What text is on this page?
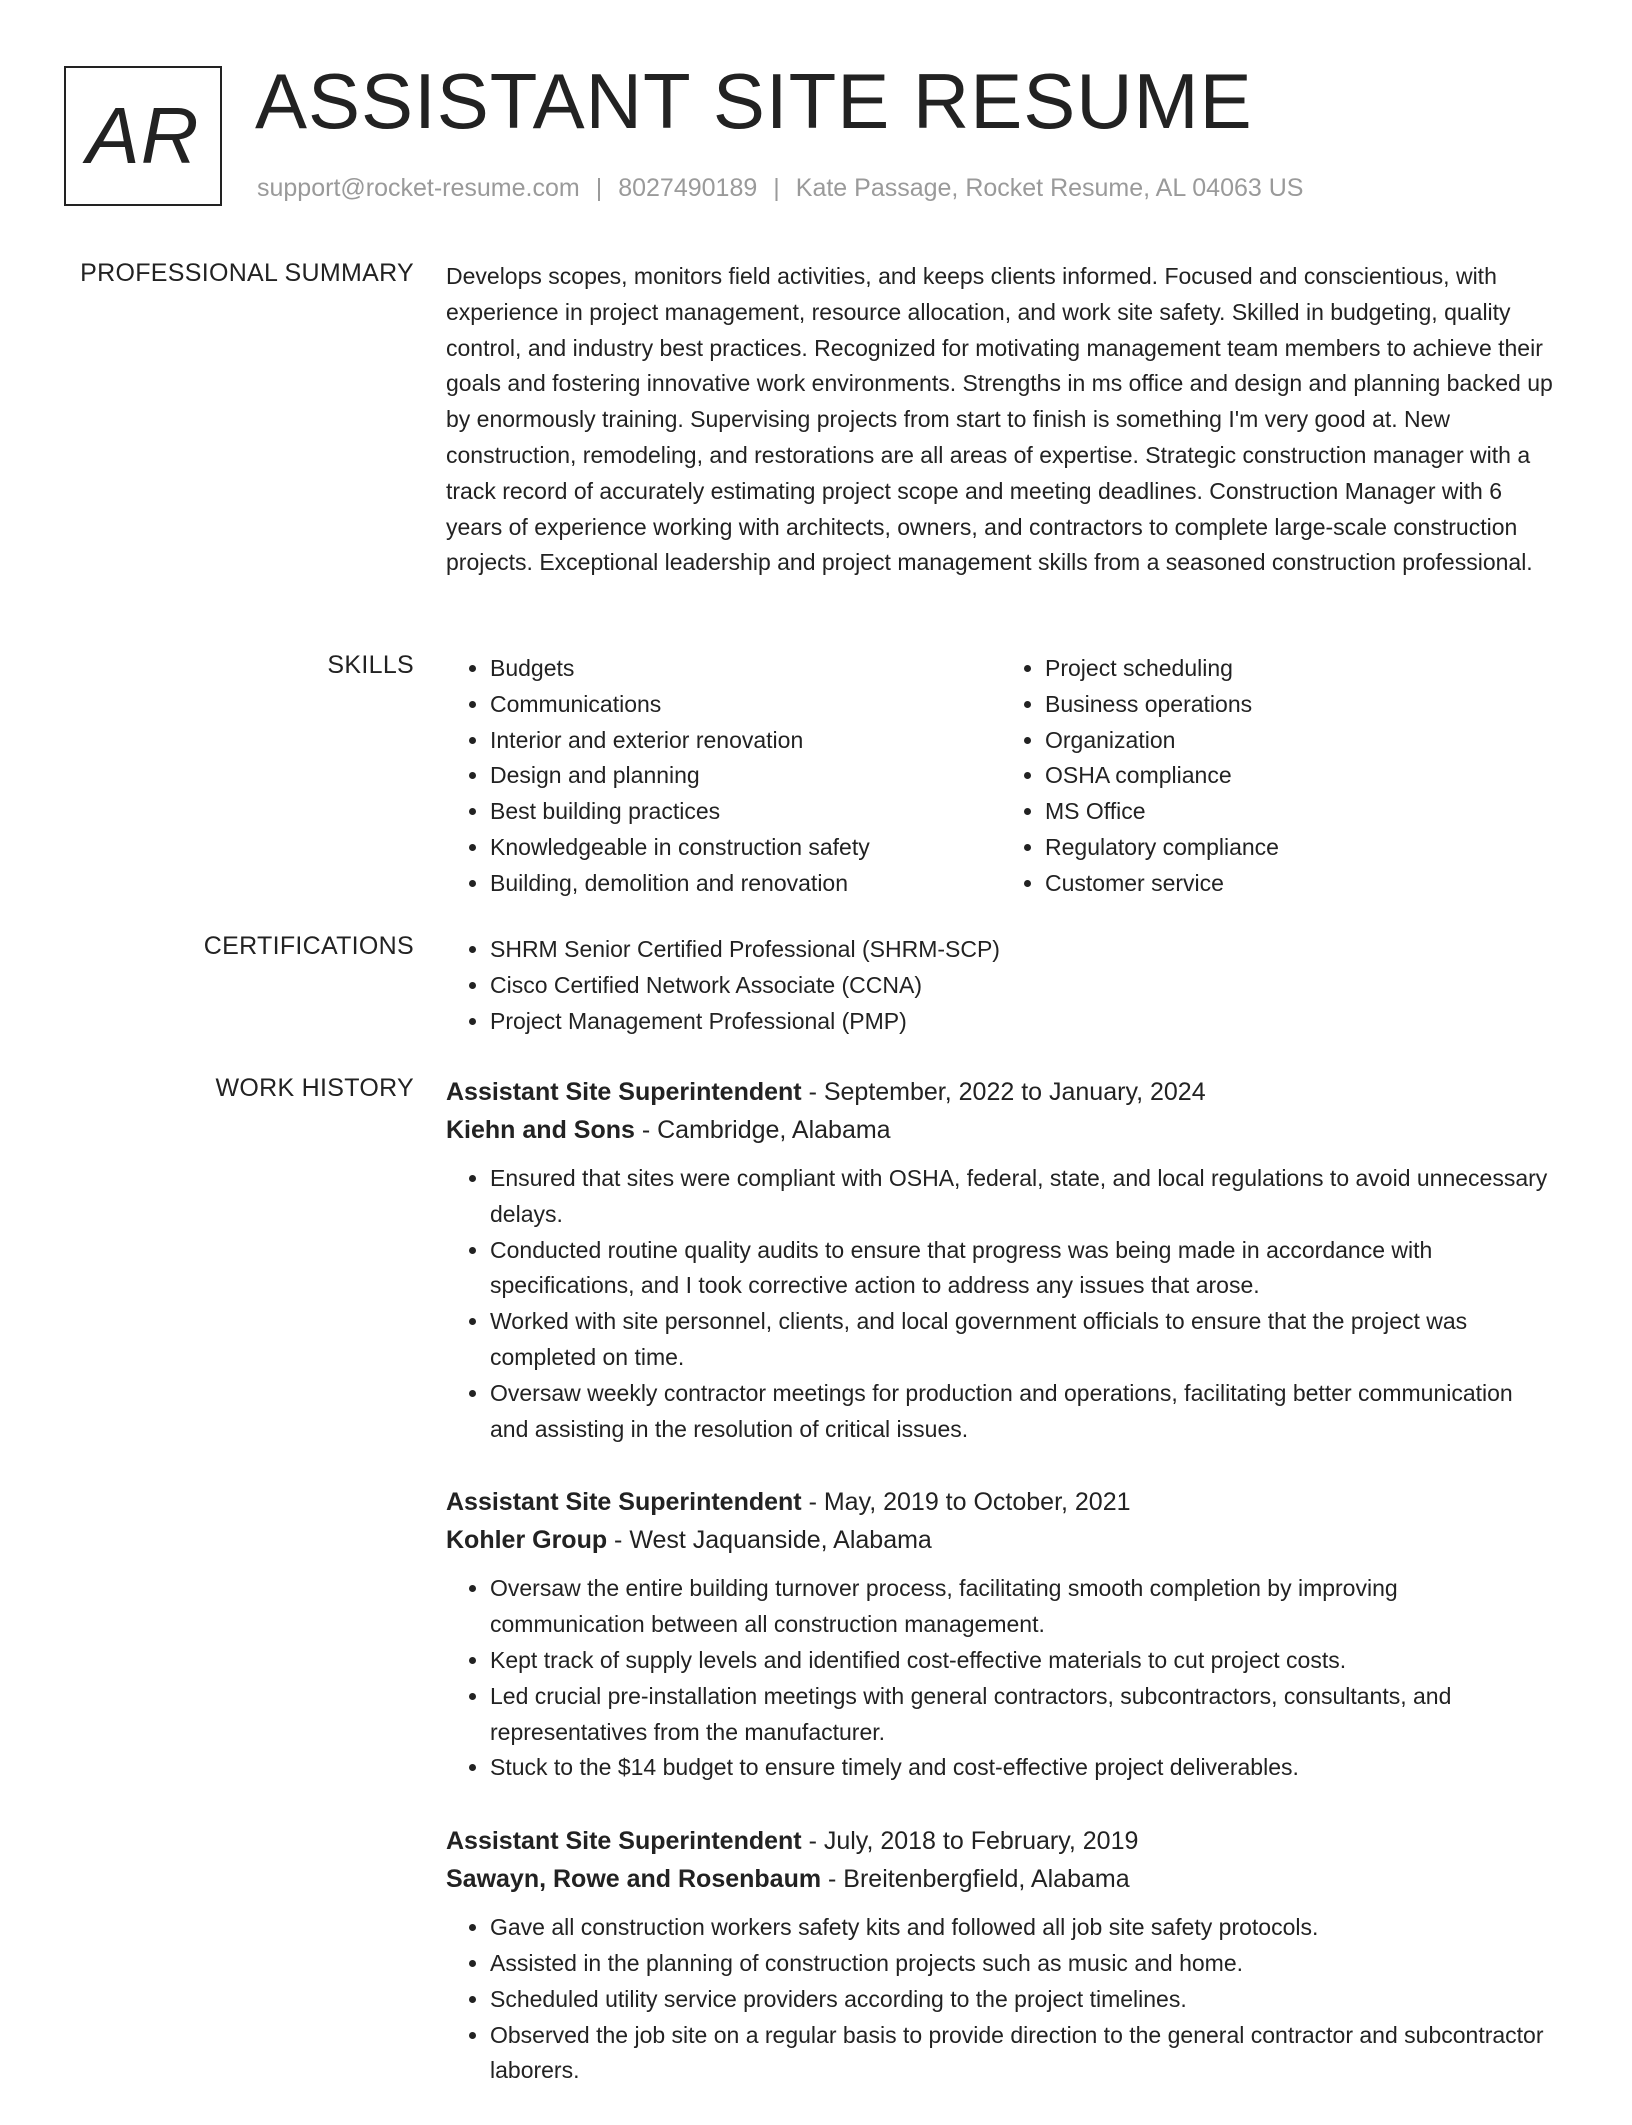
AR ASSISTANT SITE RESUME
support@rocket-resume.com | 8027490189 | Kate Passage, Rocket Resume, AL 04063 US
PROFESSIONAL SUMMARY Develops scopes, monitors field activities, and keeps clients informed. Focused and conscientious, with experience in project management, resource allocation, and work site safety. Skilled in budgeting, quality control, and industry best practices. Recognized for motivating management team members to achieve their goals and fostering innovative work environments. Strengths in ms office and design and planning backed up by enormously training. Supervising projects from start to finish is something I'm very good at. New construction, remodeling, and restorations are all areas of expertise. Strategic construction manager with a track record of accurately estimating project scope and meeting deadlines. Construction Manager with 6 years of experience working with architects, owners, and contractors to complete large-scale construction projects. Exceptional leadership and project management skills from a seasoned construction professional.

SKILLS	• Budgets
• Communications
• Interior and exterior renovation
• Design and planning
• Best building practices
• Knowledgeable in construction safety
• Building, demolition and renovation
• Project scheduling
• Business operations
• Organization
• OSHA compliance
• MS Office
• Regulatory compliance
• Customer service
CERTIFICATIONS	• SHRM Senior Certified Professional (SHRM-SCP)
• Cisco Certified Network Associate (CCNA)
• Project Management Professional (PMP)
WORK HISTORY Assistant Site Superintendent - September, 2022 to January, 2024
Kiehn and Sons - Cambridge, Alabama
• Ensured that sites were compliant with OSHA, federal, state, and local regulations to avoid unnecessary delays.
• Conducted routine quality audits to ensure that progress was being made in accordance with specifications, and I took corrective action to address any issues that arose.
• Worked with site personnel, clients, and local government officials to ensure that the project was completed on time.
• Oversaw weekly contractor meetings for production and operations, facilitating better communication and assisting in the resolution of critical issues.
Assistant Site Superintendent - May, 2019 to October, 2021
Kohler Group - West Jaquanside, Alabama
• Oversaw the entire building turnover process, facilitating smooth completion by improving communication between all construction management.
• Kept track of supply levels and identified cost-effective materials to cut project costs.
• Led crucial pre-installation meetings with general contractors, subcontractors, consultants, and representatives from the manufacturer.
• Stuck to the $14 budget to ensure timely and cost-effective project deliverables.
Assistant Site Superintendent - July, 2018 to February, 2019
Sawayn, Rowe and Rosenbaum - Breitenbergfield, Alabama
• Gave all construction workers safety kits and followed all job site safety protocols.
• Assisted in the planning of construction projects such as music and home.
• Scheduled utility service providers according to the project timelines.
• Observed the job site on a regular basis to provide direction to the general contractor and subcontractor laborers.
